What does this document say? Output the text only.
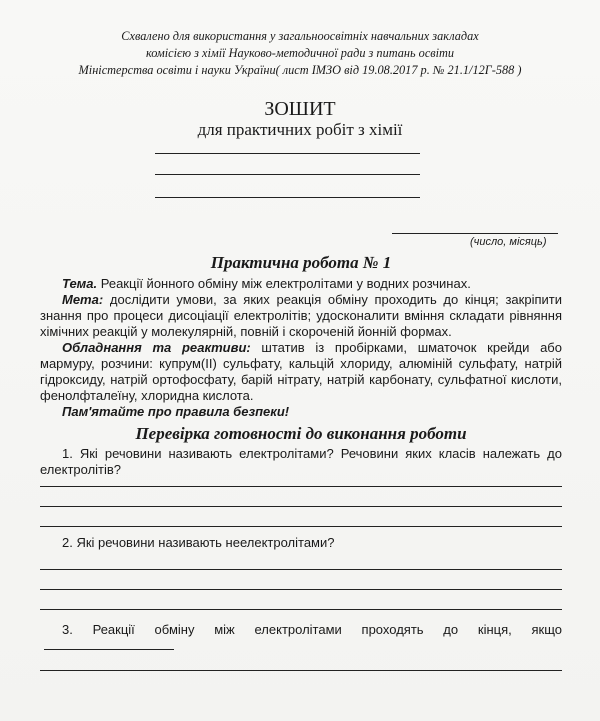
Схвалено для використання у загальноосвітніх навчальних закладах
комісією з хімії Науково-методичної ради з питань освіти
Міністерства освіти і науки України( лист ІМЗО від 19.08.2017 р. № 21.1/12Г-588 )
ЗОШИТ
для практичних робіт з хімії
(число, місяць)
Практична робота № 1

Тема. Реакції йонного обміну між електролітами у водних розчинах.

Мета: дослідити умови, за яких реакція обміну проходить до кінця; закріпити знання про процеси дисоціації електролітів; удосконалити вміння складати рівняння хімічних реакцій у молекулярній, повній і скороченій йонній формах.

Обладнання та реактиви: штатив із пробірками, шматочок крейди або мармуру, розчини: купрум(II) сульфату, кальцій хлориду, алюміній сульфату, натрій гідроксиду, натрій ортофосфату, барій нітрату, натрій карбонату, сульфатної кислоти, фенолфталеїну, хлоридна кислота.

Пам'ятайте про правила безпеки!

Перевірка готовності до виконання роботи

1. Які речовини називають електролітами? Речовини яких класів належать до електролітів?

2. Які речовини називають неелектролітами?

3. Реакції обміну між електролітами проходять до кінця, якщо
